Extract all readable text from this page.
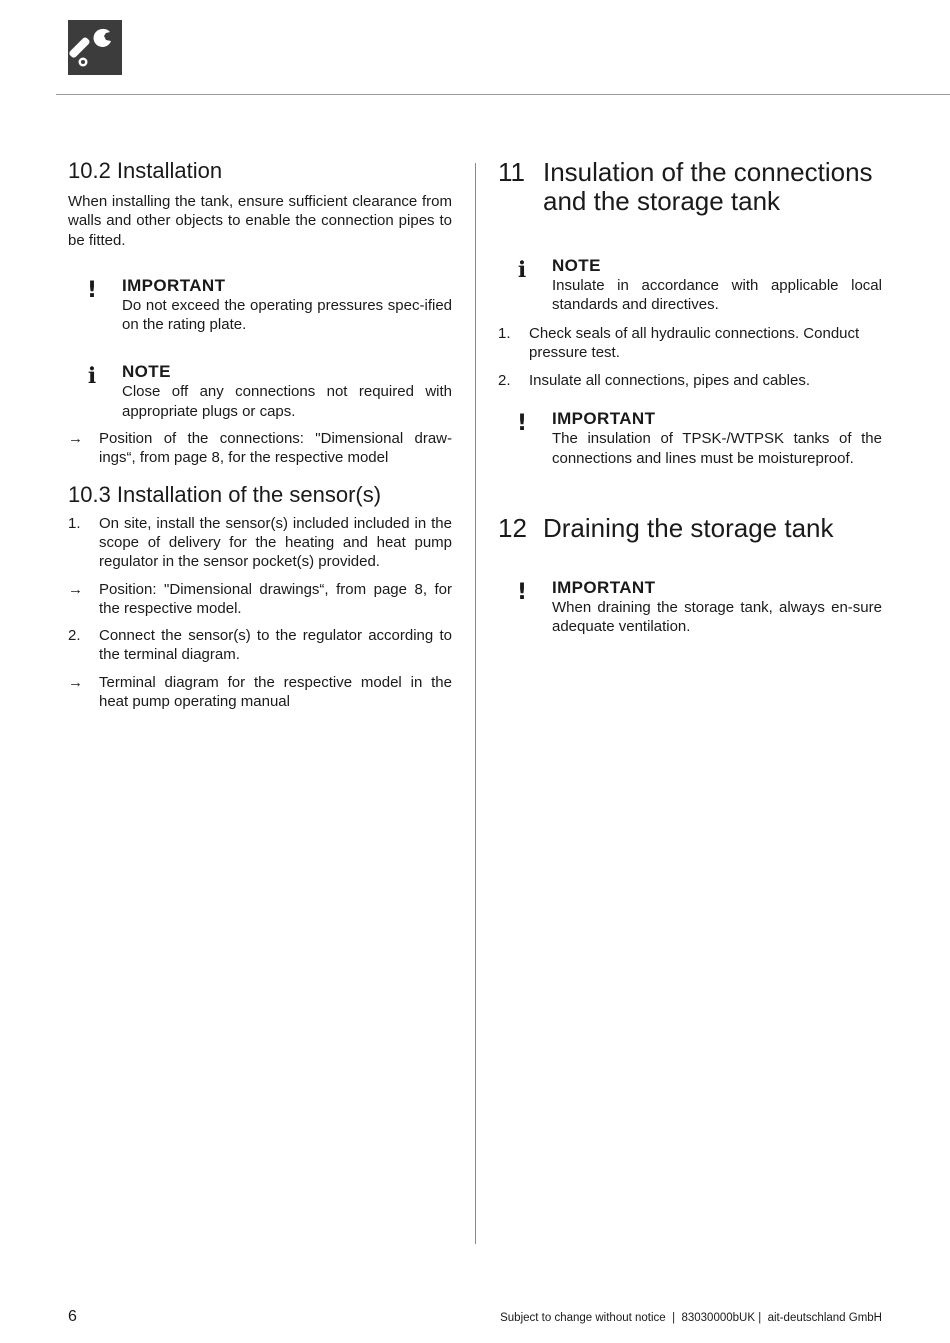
10.2 Installation

When installing the tank, ensure sufficient clearance from walls and other objects to enable the connection pipes to be fitted.

! IMPORTANT

Do not exceed the operating pressures spec-ified on the rating plate.

ℹ	NOTE

Close off any connections not required with appropriate plugs or caps.

→ Position of the connections: "Dimensional draw-ings“, from page 8, for the respective model

10.3 Installation of the sensor(s)
1. On site, install the sensor(s) included included in the scope of delivery for the heating and heat pump regulator in the sensor pocket(s) provided.

→ Position: "Dimensional drawings“, from page 8, for the respective model.

2. Connect the sensor(s) to the regulator according to the terminal diagram.

→ Terminal diagram for the respective model in the heat pump operating manual

11 Insulation of the connections and the storage tank
ℹ	NOTE

Insulate in accordance with applicable local standards and directives.

1. Check seals of all hydraulic connections. Conduct pressure test.

2. Insulate all connections, pipes and cables.

! IMPORTANT

The insulation of TPSK-/WTPSK tanks of the connections and lines must be moistureproof.

12 Draining the storage tank
! IMPORTANT

When draining the storage tank, always en-sure adequate ventilation.

6	Subject to change without notice  |  83030000bUK |  ait-deutschland GmbH
